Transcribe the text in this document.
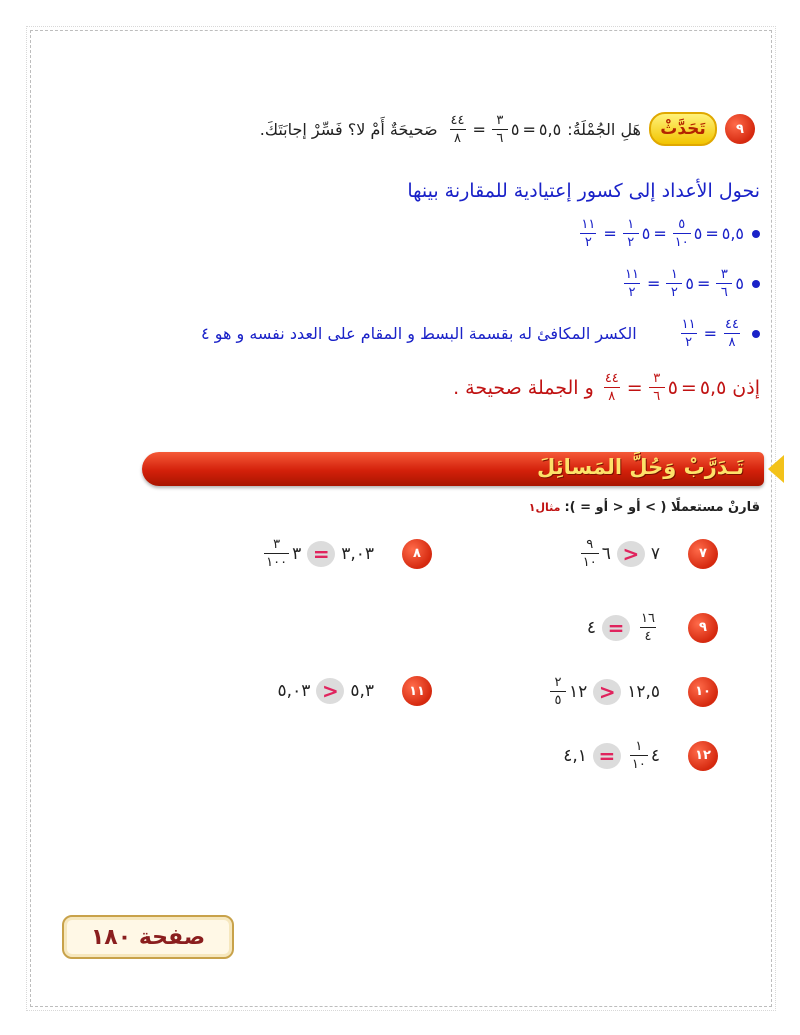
٩
تَحَدَّثْ
هَلِ الجُمْلَةُ:
٥,٥
=
٥
$\frac{٣}{٦}$
=
$\frac{٤٤}{٨}$
صَحيحَةٌ أَمْ لا؟ فَسِّرْ إجابَتَكَ.
نحول الأعداد إلى كسور إعتيادية للمقارنة بينها
٥,٥
=
٥
$\frac{٥}{١٠}$
=
٥
$\frac{١}{٢}$
=
$\frac{١١}{٢}$
٥
$\frac{٣}{٦}$
=
٥
$\frac{١}{٢}$
=
$\frac{١١}{٢}$
$\frac{٤٤}{٨}$
=
$\frac{١١}{٢}$
الكسر المكافئ له بقسمة البسط و المقام على العدد نفسه و هو ٤
إذن
٥,٥
=
٥
$\frac{٣}{٦}$
=
$\frac{٤٤}{٨}$
و الجملة صحيحة .
تَـدَرَّبْ وَحُلَّ المَسائِلَ
قارنْ مستعملًا ( > أو < أو = ):
مثال١
٧
٧
<
٦
$\frac{٩}{١٠}$
٨
٣,٠٣
=
٣
$\frac{٣}{١٠٠}$
٩
$\frac{١٦}{٤}$
=
٤
١٠
١٢,٥
<
١٢
$\frac{٢}{٥}$
١١
٥,٣
<
٥,٠٣
١٢
٤
$\frac{١}{١٠}$
=
٤,١
صفحة ١٨٠
